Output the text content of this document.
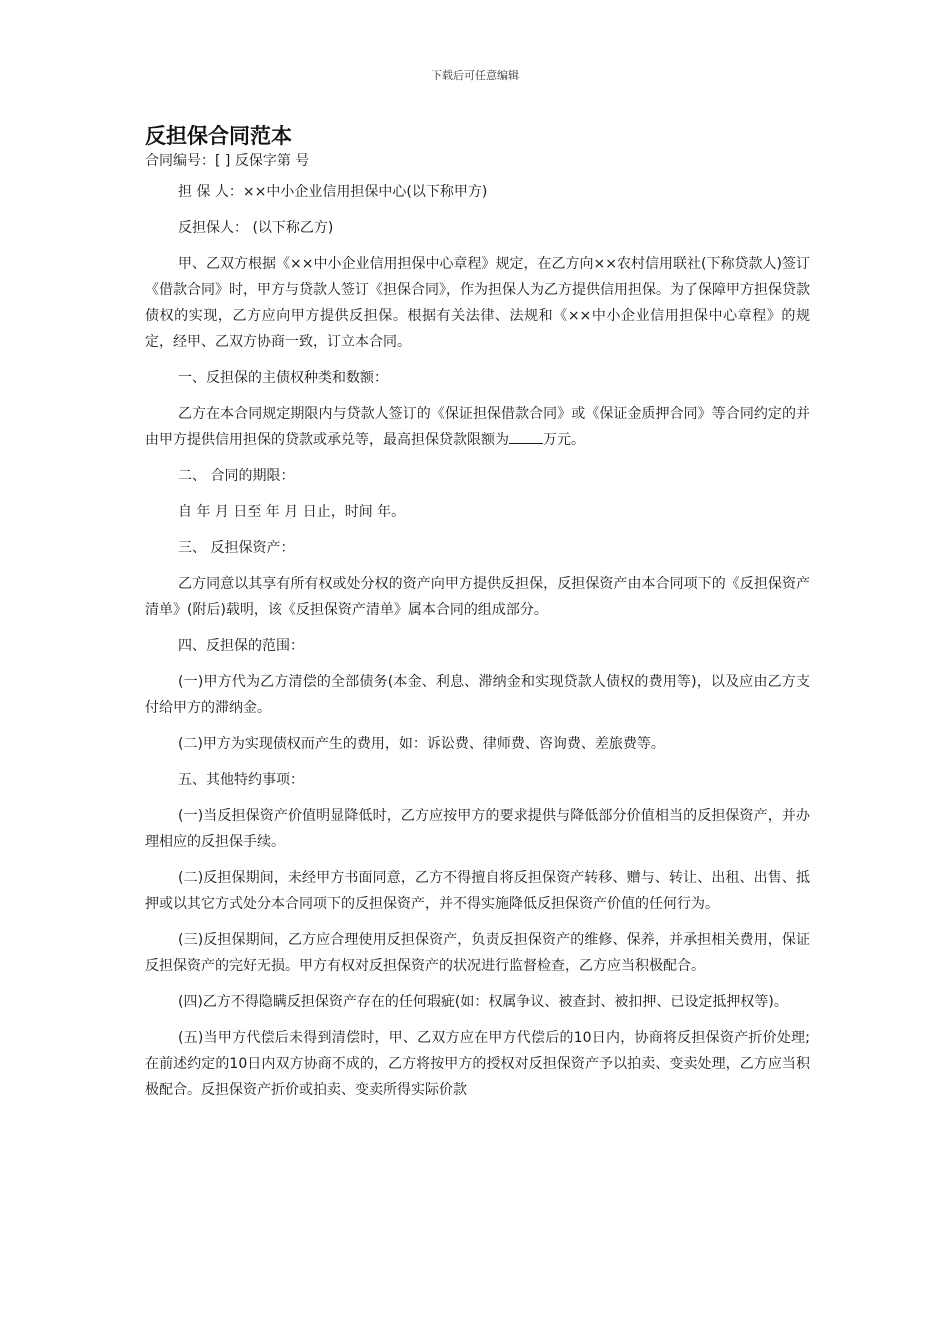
下载后可任意编辑
反担保合同范本

合同编号：[ ] 反保字第 号

担 保 人：××中小企业信用担保中心(以下称甲方)

反担保人： (以下称乙方)

甲、乙双方根据《××中小企业信用担保中心章程》规定，在乙方向××农村信用联社(下称贷款人)签订《借款合同》时，甲方与贷款人签订《担保合同》，作为担保人为乙方提供信用担保。为了保障甲方担保贷款债权的实现，乙方应向甲方提供反担保。根据有关法律、法规和《××中小企业信用担保中心章程》的规定，经甲、乙双方协商一致，订立本合同。

一、反担保的主债权种类和数额：

乙方在本合同规定期限内与贷款人签订的《保证担保借款合同》或《保证金质押合同》等合同约定的并由甲方提供信用担保的贷款或承兑等，最高担保贷款限额为 万元。

二、 合同的期限：

自 年 月 日至 年 月 日止，时间 年。

三、 反担保资产：

乙方同意以其享有所有权或处分权的资产向甲方提供反担保，反担保资产由本合同项下的《反担保资产清单》(附后)载明，该《反担保资产清单》属本合同的组成部分。

四、反担保的范围：

(一)甲方代为乙方清偿的全部债务(本金、利息、滞纳金和实现贷款人债权的费用等)，以及应由乙方支付给甲方的滞纳金。

(二)甲方为实现债权而产生的费用，如：诉讼费、律师费、咨询费、差旅费等。

五、其他特约事项：

(一)当反担保资产价值明显降低时，乙方应按甲方的要求提供与降低部分价值相当的反担保资产，并办理相应的反担保手续。

(二)反担保期间，未经甲方书面同意，乙方不得擅自将反担保资产转移、赠与、转让、出租、出售、抵押或以其它方式处分本合同项下的反担保资产，并不得实施降低反担保资产价值的任何行为。

(三)反担保期间，乙方应合理使用反担保资产，负责反担保资产的维修、保养，并承担相关费用，保证反担保资产的完好无损。甲方有权对反担保资产的状况进行监督检查，乙方应当积极配合。

(四)乙方不得隐瞒反担保资产存在的任何瑕疵(如：权属争议、被查封、被扣押、已设定抵押权等)。

(五)当甲方代偿后未得到清偿时，甲、乙双方应在甲方代偿后的10日内，协商将反担保资产折价处理;在前述约定的10日内双方协商不成的，乙方将按甲方的授权对反担保资产予以拍卖、变卖处理，乙方应当积极配合。反担保资产折价或拍卖、变卖所得实际价款
